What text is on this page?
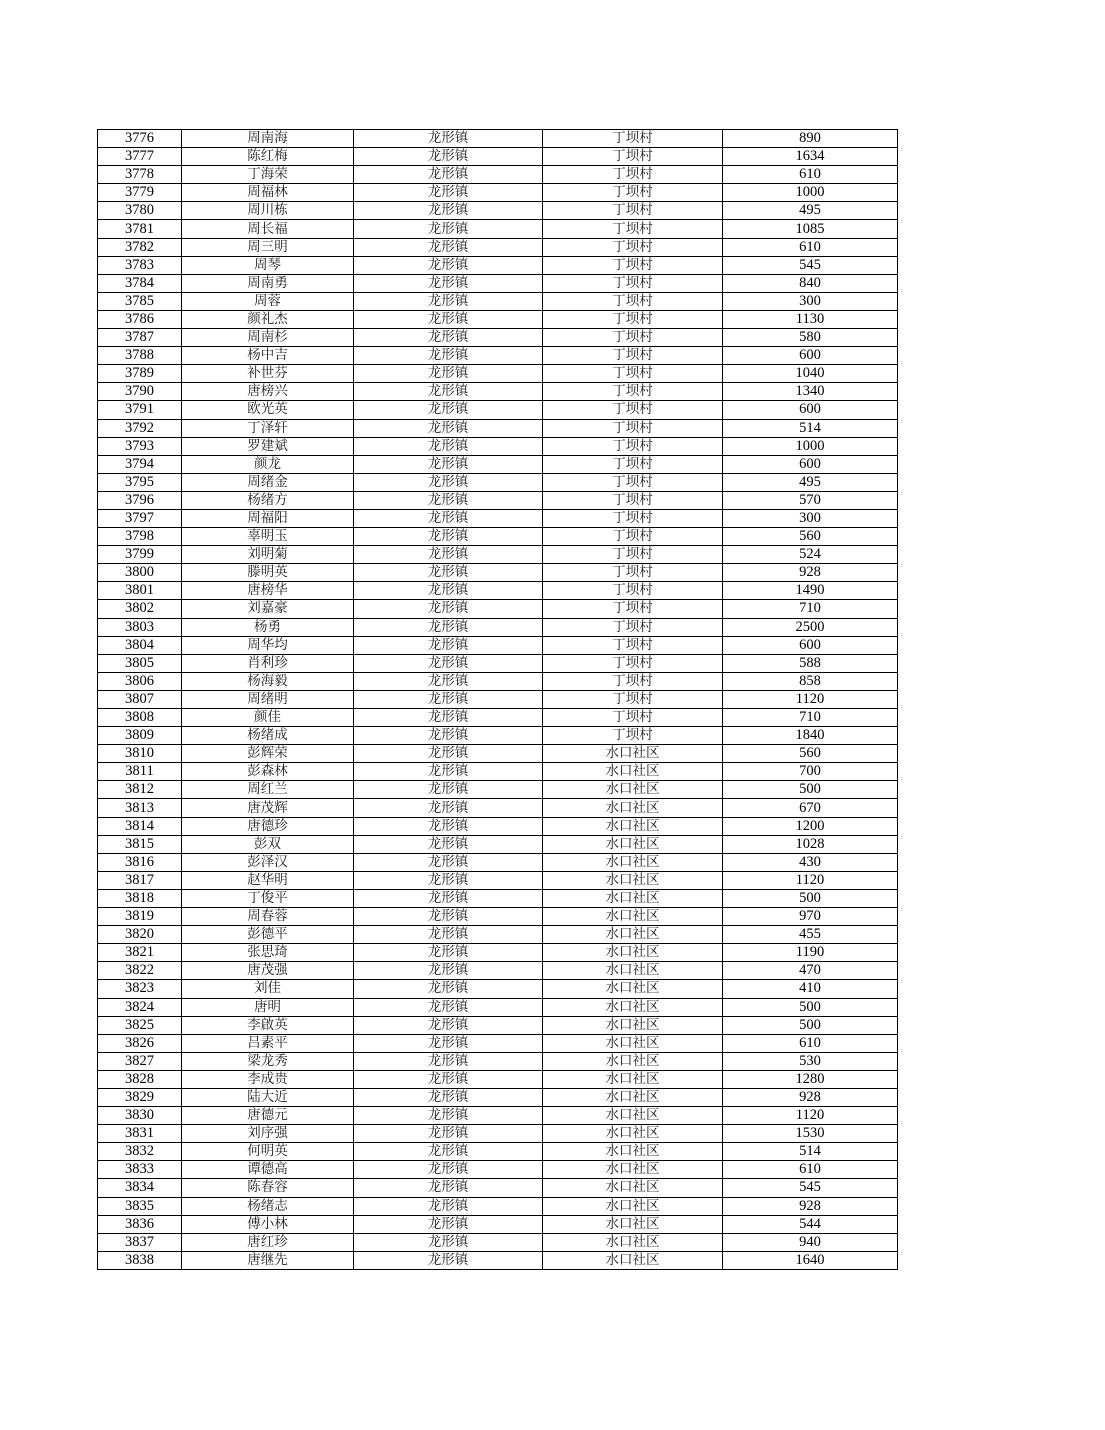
3776	周南海	龙形镇	丁坝村	890
3777	陈红梅	龙形镇	丁坝村	1634
3778	丁海荣	龙形镇	丁坝村	610
3779	周福林	龙形镇	丁坝村	1000
3780	周川栋	龙形镇	丁坝村	495
3781	周长福	龙形镇	丁坝村	1085
3782	周三明	龙形镇	丁坝村	610
3783	周琴	龙形镇	丁坝村	545
3784	周南勇	龙形镇	丁坝村	840
3785	周蓉	龙形镇	丁坝村	300
3786	颜礼杰	龙形镇	丁坝村	1130
3787	周南杉	龙形镇	丁坝村	580
3788	杨中吉	龙形镇	丁坝村	600
3789	补世芬	龙形镇	丁坝村	1040
3790	唐榜兴	龙形镇	丁坝村	1340
3791	欧光英	龙形镇	丁坝村	600
3792	丁泽轩	龙形镇	丁坝村	514
3793	罗建斌	龙形镇	丁坝村	1000
3794	颜龙	龙形镇	丁坝村	600
3795	周绪金	龙形镇	丁坝村	495
3796	杨绪方	龙形镇	丁坝村	570
3797	周福阳	龙形镇	丁坝村	300
3798	辜明玉	龙形镇	丁坝村	560
3799	刘明菊	龙形镇	丁坝村	524
3800	滕明英	龙形镇	丁坝村	928
3801	唐榜华	龙形镇	丁坝村	1490
3802	刘嘉豪	龙形镇	丁坝村	710
3803	杨勇	龙形镇	丁坝村	2500
3804	周华均	龙形镇	丁坝村	600
3805	肖利珍	龙形镇	丁坝村	588
3806	杨海毅	龙形镇	丁坝村	858
3807	周绪明	龙形镇	丁坝村	1120
3808	颜佳	龙形镇	丁坝村	710
3809	杨绪成	龙形镇	丁坝村	1840
3810	彭辉荣	龙形镇	水口社区	560
3811	彭森林	龙形镇	水口社区	700
3812	周红兰	龙形镇	水口社区	500
3813	唐茂辉	龙形镇	水口社区	670
3814	唐德珍	龙形镇	水口社区	1200
3815	彭双	龙形镇	水口社区	1028
3816	彭泽汉	龙形镇	水口社区	430
3817	赵华明	龙形镇	水口社区	1120
3818	丁俊平	龙形镇	水口社区	500
3819	周春蓉	龙形镇	水口社区	970
3820	彭德平	龙形镇	水口社区	455
3821	张思琦	龙形镇	水口社区	1190
3822	唐茂强	龙形镇	水口社区	470
3823	刘佳	龙形镇	水口社区	410
3824	唐明	龙形镇	水口社区	500
3825	李啟英	龙形镇	水口社区	500
3826	吕素平	龙形镇	水口社区	610
3827	梁龙秀	龙形镇	水口社区	530
3828	李成贵	龙形镇	水口社区	1280
3829	陆大近	龙形镇	水口社区	928
3830	唐德元	龙形镇	水口社区	1120
3831	刘序强	龙形镇	水口社区	1530
3832	何明英	龙形镇	水口社区	514
3833	谭德高	龙形镇	水口社区	610
3834	陈春容	龙形镇	水口社区	545
3835	杨绪志	龙形镇	水口社区	928
3836	傅小林	龙形镇	水口社区	544
3837	唐红珍	龙形镇	水口社区	940
3838	唐继先	龙形镇	水口社区	1640
